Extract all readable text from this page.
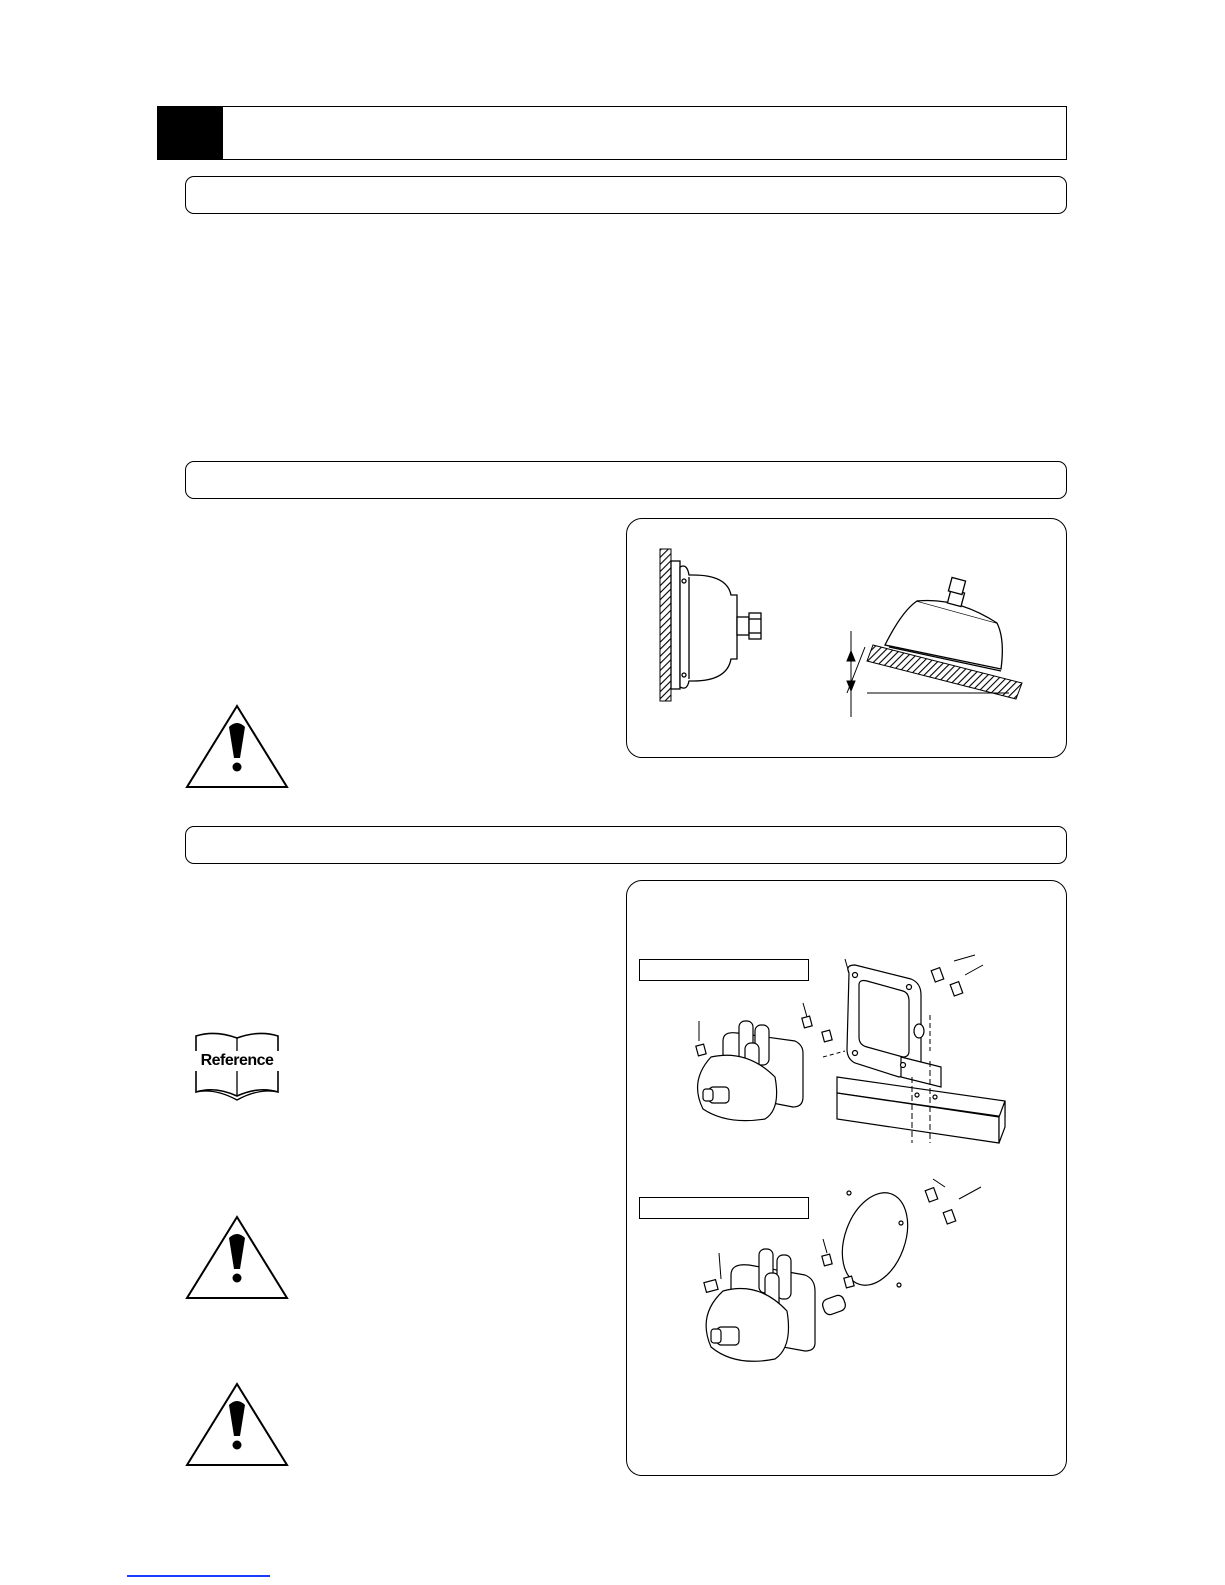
Reference
